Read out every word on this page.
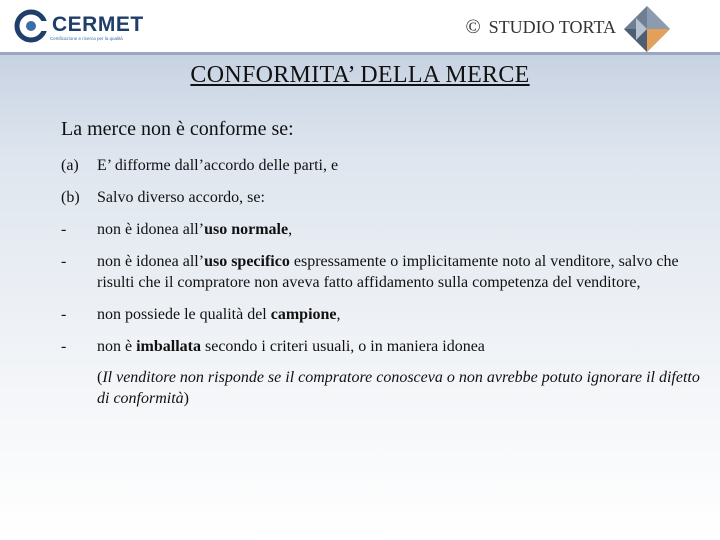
CERMET
Certificazione e ricerca per la qualità
© STUDIO TORTA
CONFORMITA’ DELLA MERCE
La merce non è conforme se:
(a) E’ difforme dall’accordo delle parti, e
(b) Salvo diverso accordo, se:
- non è idonea all’uso normale,
- non è idonea all’uso specifico espressamente o implicitamente noto al venditore, salvo che risulti che il compratore non aveva fatto affidamento sulla competenza del venditore,
- non possiede le qualità del campione,
- non è imballata secondo i criteri usuali, o in maniera idonea
(Il venditore non risponde se il compratore conosceva o non avrebbe potuto ignorare il difetto di conformità)
